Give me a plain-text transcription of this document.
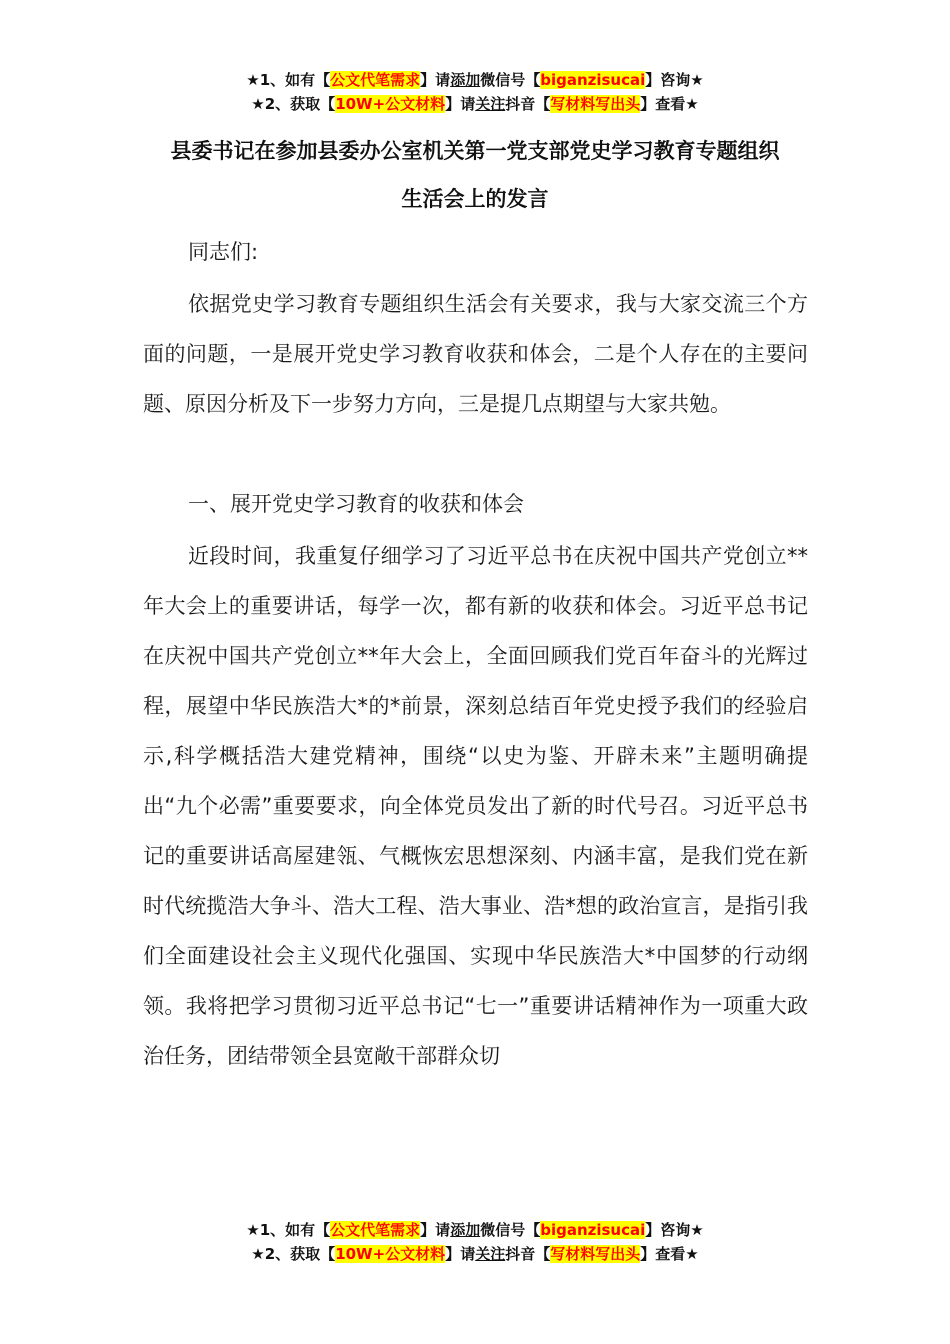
★1、如有【公文代笔需求】请添加微信号【biganzisucai】咨询★
★2、获取【10W+公文材料】请关注抖音【写材料写出头】查看★
县委书记在参加县委办公室机关第一党支部党史学习教育专题组织
生活会上的发言

同志们:

依据党史学习教育专题组织生活会有关要求，我与大家交流三个方面的问题，一是展开党史学习教育收获和体会，二是个人存在的主要问题、原因分析及下一步努力方向，三是提几点期望与大家共勉。

一、展开党史学习教育的收获和体会

近段时间，我重复仔细学习了习近平总书在庆祝中国共产党创立**年大会上的重要讲话，每学一次，都有新的收获和体会。习近平总书记在庆祝中国共产党创立**年大会上，全面回顾我们党百年奋斗的光辉过程，展望中华民族浩大*的*前景，深刻总结百年党史授予我们的经验启示,科学概括浩大建党精神，围绕“以史为鉴、开辟未来”主题明确提出“九个必需”重要要求，向全体党员发出了新的时代号召。习近平总书记的重要讲话高屋建瓴、气概恢宏思想深刻、内涵丰富，是我们党在新时代统揽浩大争斗、浩大工程、浩大事业、浩*想的政治宣言，是指引我们全面建设社会主义现代化强国、实现中华民族浩大*中国梦的行动纲领。我将把学习贯彻习近平总书记“七一”重要讲话精神作为一项重大政治任务，团结带领全县宽敞干部群众切

★1、如有【公文代笔需求】请添加微信号【biganzisucai】咨询★
★2、获取【10W+公文材料】请关注抖音【写材料写出头】查看★
